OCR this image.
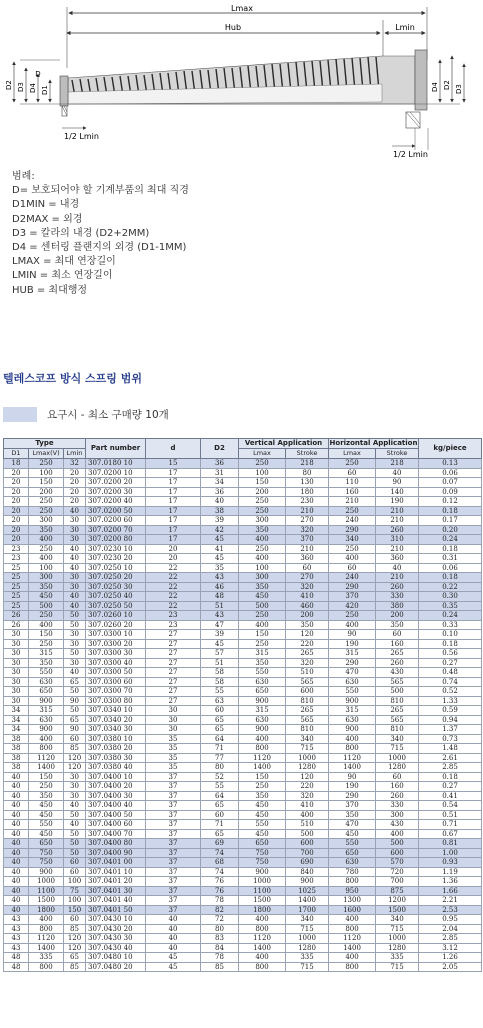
Lmax
Hub	Lmin
D2 D3 D4 D1
D
D4 D2 D3
1/2 Lmin
1/2 Lmin
범례:
D= 보호되어야 할 기계부품의 최대 직경
D1MIN = 내경
D2MAX = 외경
D3 = 칼라의 내경 (D2+2MM)
D4 = 센터링 플랜지의 외경 (D1-1MM)
LMAX = 최대 연장길이
LMIN = 최소 연장길이
HUB = 최대행정
텔레스코프 방식 스프링 범위
요구시 - 최소 구매량 10개
Type			Part number	d	D2	Vertical Application		Horizontal Application		kg/piece
D1	Lmax(V)	Lmin				Lmax	Stroke	Lmax	Stroke	
18	250	32	307.0180 10	15	36	250	218	250	218	0.13
20	100	20	307.0200 10	17	31	100	80	60	40	0.06
20	150	20	307.0200 20	17	34	150	130	110	90	0.07
20	200	20	307.0200 30	17	36	200	180	160	140	0.09
20	250	20	307.0200 40	17	40	250	230	210	190	0.12
20	250	40	307.0200 50	17	38	250	210	250	210	0.18
20	300	30	307.0200 60	17	39	300	270	240	210	0.17
20	350	30	307.0200 70	17	42	350	320	290	260	0.20
20	400	30	307.0200 80	17	45	400	370	340	310	0.24
23	250	40	307.0230 10	20	41	250	210	250	210	0.18
23	400	40	307.0230 20	20	45	400	360	400	360	0.31
25	100	40	307.0250 10	22	35	100	60	60	40	0.06
25	300	30	307.0250 20	22	43	300	270	240	210	0.18
25	350	30	307.0250 30	22	46	350	320	290	260	0.22
25	450	40	307.0250 40	22	48	450	410	370	330	0.30
25	500	40	307.0250 50	22	51	500	460	420	380	0.35
26	250	50	307.0260 10	23	43	250	200	250	200	0.24
26	400	50	307.0260 20	23	47	400	350	400	350	0.33
30	150	30	307.0300 10	27	39	150	120	90	60	0.10
30	250	30	307.0300 20	27	45	250	220	190	160	0.18
30	315	50	307.0300 30	27	57	315	265	315	265	0.56
30	350	30	307.0300 40	27	51	350	320	290	260	0.27
30	550	40	307.0300 50	27	58	550	510	470	430	0.48
30	630	65	307.0300 60	27	58	630	565	630	565	0.74
30	650	50	307.0300 70	27	55	650	600	550	500	0.52
30	900	90	307.0300 80	27	63	900	810	900	810	1.33
34	315	50	307.0340 10	30	60	315	265	315	265	0.59
34	630	65	307.0340 20	30	65	630	565	630	565	0.94
34	900	90	307.0340 30	30	65	900	810	900	810	1.37
38	400	60	307.0380 10	35	64	400	340	400	340	0.73
38	800	85	307.0380 20	35	71	800	715	800	715	1.48
38	1120	120	307.0380 30	35	77	1120	1000	1120	1000	2.61
38	1400	120	307.0380 40	35	80	1400	1280	1400	1280	2.85
40	150	30	307.0400 10	37	52	150	120	90	60	0.18
40	250	30	307.0400 20	37	55	250	220	190	160	0.27
40	350	30	307.0400 30	37	64	350	320	290	260	0.41
40	450	40	307.0400 40	37	65	450	410	370	330	0.54
40	450	50	307.0400 50	37	60	450	400	350	300	0.51
40	550	40	307.0400 60	37	71	550	510	470	430	0.71
40	450	50	307.0400 70	37	65	450	500	450	400	0.67
40	650	50	307.0400 80	37	69	650	600	550	500	0.81
40	750	50	307.0400 90	37	74	750	700	650	600	1.00
40	750	60	307.0401 00	37	68	750	690	630	570	0.93
40	900	60	307.0401 10	37	74	900	840	780	720	1.19
40	1000	100	307.0401 20	37	76	1000	900	800	700	1.36
40	1100	75	307.0401 30	37	76	1100	1025	950	875	1.66
40	1500	100	307.0401 40	37	78	1500	1400	1300	1200	2.21
40	1800	150	307.0401 50	37	82	1800	1700	1600	1500	2.53
43	400	60	307.0430 10	40	72	400	340	400	340	0.95
43	800	85	307.0430 20	40	80	800	715	800	715	2.04
43	1120	120	307.0430 30	40	83	1120	1000	1120	1000	2.85
43	1400	120	307.0430 40	40	84	1400	1280	1400	1280	3.12
48	335	65	307.0480 10	45	78	400	335	400	335	1.26
48	800	85	307.0480 20	45	85	800	715	800	715	2.05
